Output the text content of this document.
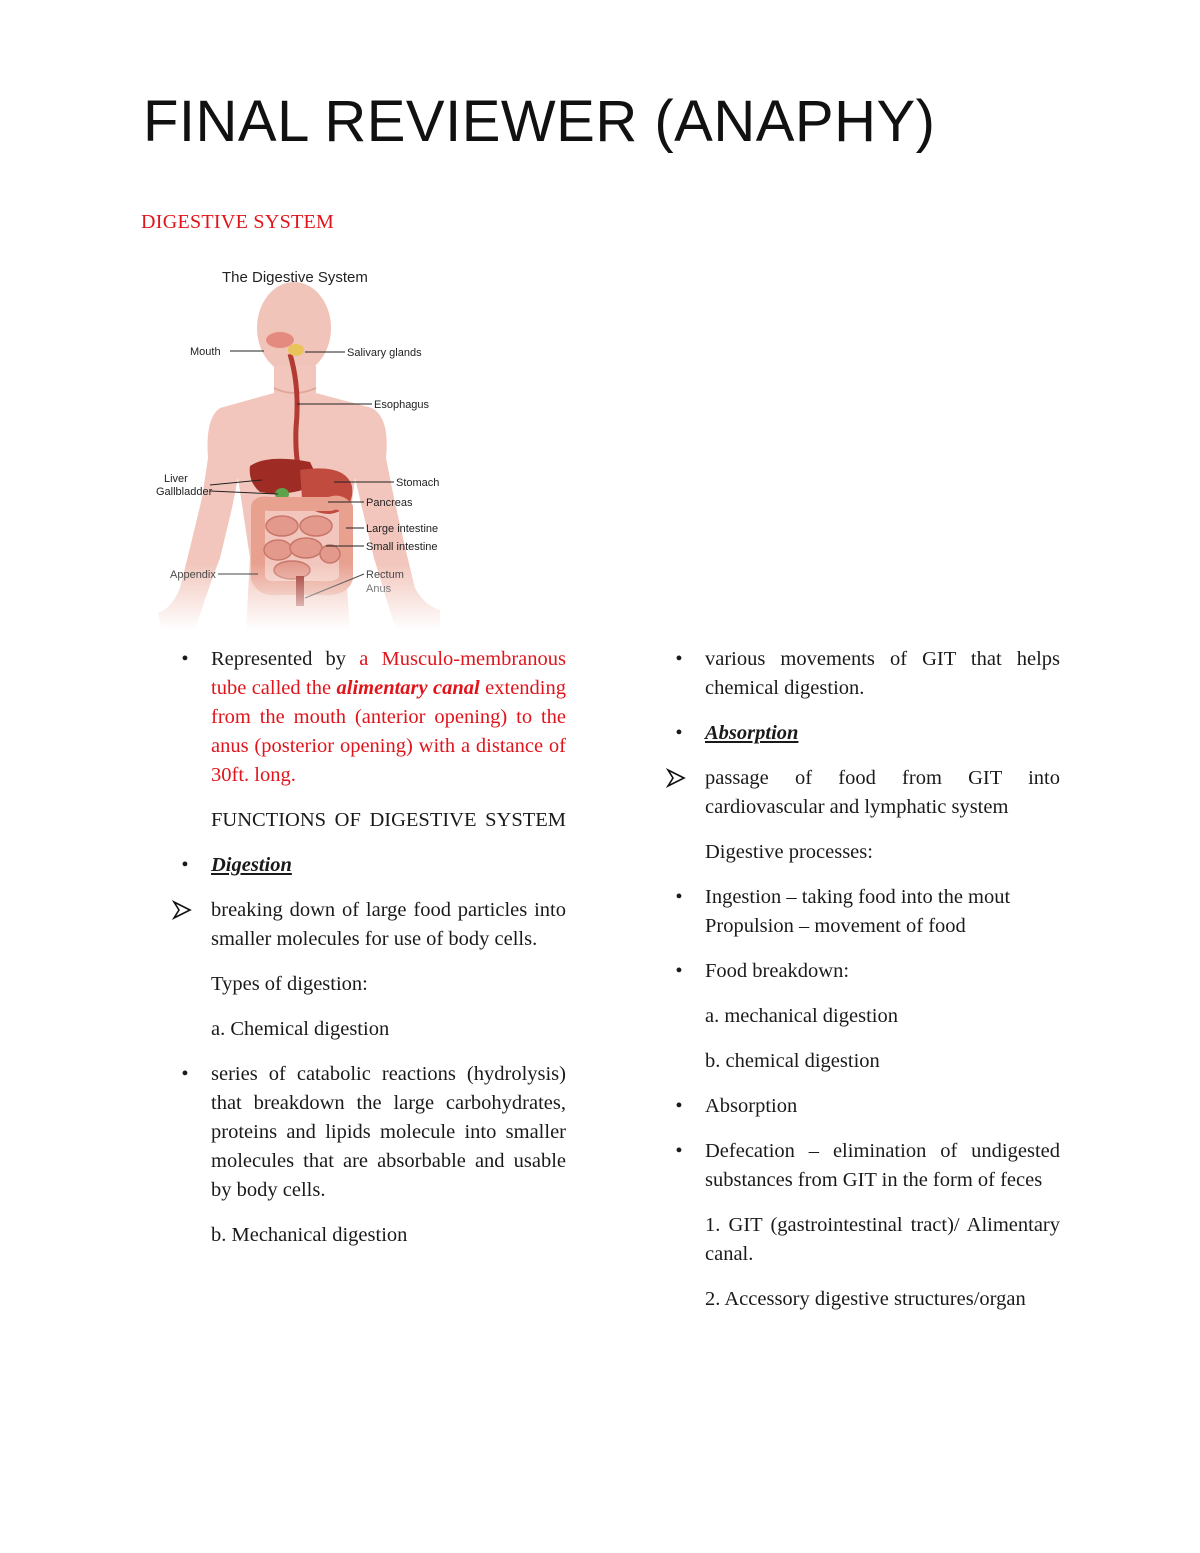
FINAL REVIEWER (ANAPHY)
DIGESTIVE SYSTEM

•	Represented by a Musculo-membranous tube called the alimentary canal extending from the mouth (anterior opening) to the anus (posterior opening) with a distance of 30ft. long.

FUNCTIONS OF DIGESTIVE SYSTEM

•	Digestion

breaking down of large food particles into smaller molecules for use of body cells.

Types of digestion:

a. Chemical digestion

•	series of catabolic reactions (hydrolysis) that breakdown the large carbohydrates, proteins and lipids molecule into smaller molecules that are absorbable and usable by body cells.

b. Mechanical digestion

•	various movements of GIT that helps chemical digestion.

•	Absorption

passage of food from GIT into cardiovascular and lymphatic system

Digestive processes:

•	Ingestion – taking food into the mout
Propulsion – movement of food

•	Food breakdown:

a. mechanical digestion

b. chemical digestion

•	Absorption

•	Defecation – elimination of undigested substances from GIT in the form of feces

1. GIT (gastrointestinal tract)/ Alimentary canal.

2. Accessory digestive structures/organ
